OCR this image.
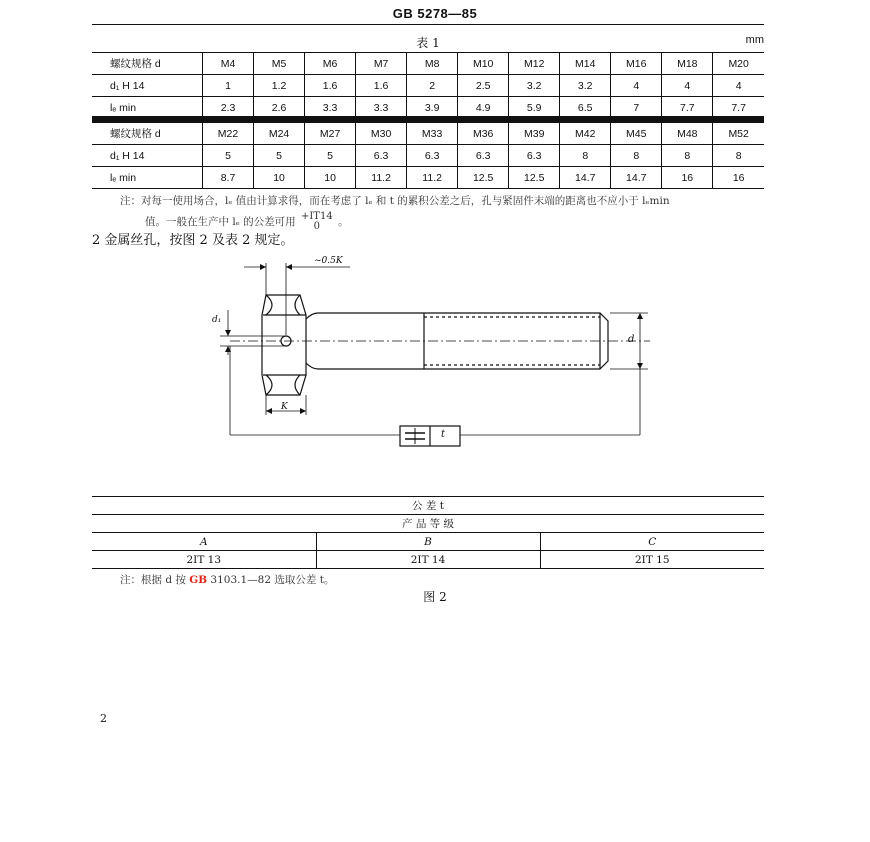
GB 5278—85
表 1	mm
螺纹规格 d	M4	M5	M6	M7	M8	M10	M12	M14	M16	M18	M20
d₁ H 14	1	1.2	1.6	1.6	2	2.5	3.2	3.2	4	4	4
lₑ min	2.3	2.6	3.3	3.3	3.9	4.9	5.9	6.5	7	7.7	7.7
螺纹规格 d	M22	M24	M27	M30	M33	M36	M39	M42	M45	M48	M52
d₁ H 14	5	5	5	6.3	6.3	6.3	6.3	8	8	8	8
lₑ min	8.7	10	10	11.2	11.2	12.5	12.5	14.7	14.7	16	16
注：对每一使用场合，lₑ 值由计算求得，而在考虑了 lₑ 和 t 的累积公差之后，孔与紧固件末端的距离也不应小于 lₑmin
值。一般在生产中 lₑ 的公差可用 +IT14
0	。
2 金属丝孔，按图 2 及表 2 规定。
~0.5K
K
d₁
d
t
公 差 t		
产 品 等 级		
A	B	C
2IT 13	2IT 14	2IT 15
注：根据 d 按 GB 3103.1—82 选取公差 t。
图 2
2
